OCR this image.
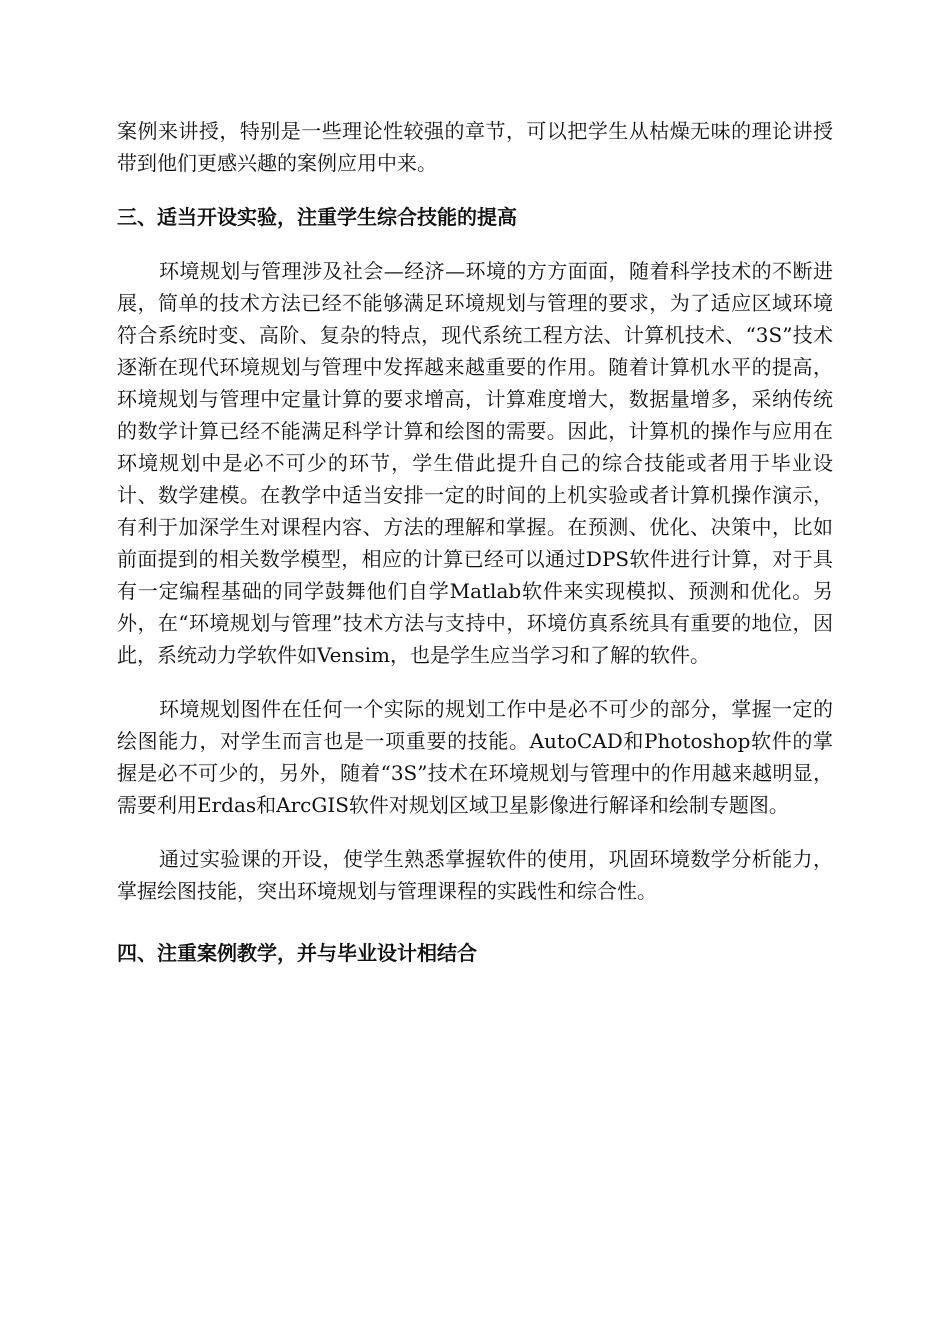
案例来讲授，特别是一些理论性较强的章节，可以把学生从枯燥无味的理论讲授带到他们更感兴趣的案例应用中来。

三、适当开设实验，注重学生综合技能的提高

环境规划与管理涉及社会—经济—环境的方方面面，随着科学技术的不断进展，简单的技术方法已经不能够满足环境规划与管理的要求，为了适应区域环境符合系统时变、高阶、复杂的特点，现代系统工程方法、计算机技术、“3S”技术逐渐在现代环境规划与管理中发挥越来越重要的作用。随着计算机水平的提高，环境规划与管理中定量计算的要求增高，计算难度增大，数据量增多，采纳传统的数学计算已经不能满足科学计算和绘图的需要。因此，计算机的操作与应用在环境规划中是必不可少的环节，学生借此提升自己的综合技能或者用于毕业设计、数学建模。在教学中适当安排一定的时间的上机实验或者计算机操作演示，有利于加深学生对课程内容、方法的理解和掌握。在预测、优化、决策中，比如前面提到的相关数学模型，相应的计算已经可以通过DPS软件进行计算，对于具有一定编程基础的同学鼓舞他们自学Matlab软件来实现模拟、预测和优化。另外，在“环境规划与管理”技术方法与支持中，环境仿真系统具有重要的地位，因此，系统动力学软件如Vensim，也是学生应当学习和了解的软件。

环境规划图件在任何一个实际的规划工作中是必不可少的部分，掌握一定的绘图能力，对学生而言也是一项重要的技能。AutoCAD和Photoshop软件的掌握是必不可少的，另外，随着“3S”技术在环境规划与管理中的作用越来越明显，需要利用Erdas和ArcGIS软件对规划区域卫星影像进行解译和绘制专题图。

通过实验课的开设，使学生熟悉掌握软件的使用，巩固环境数学分析能力，掌握绘图技能，突出环境规划与管理课程的实践性和综合性。

四、注重案例教学，并与毕业设计相结合
